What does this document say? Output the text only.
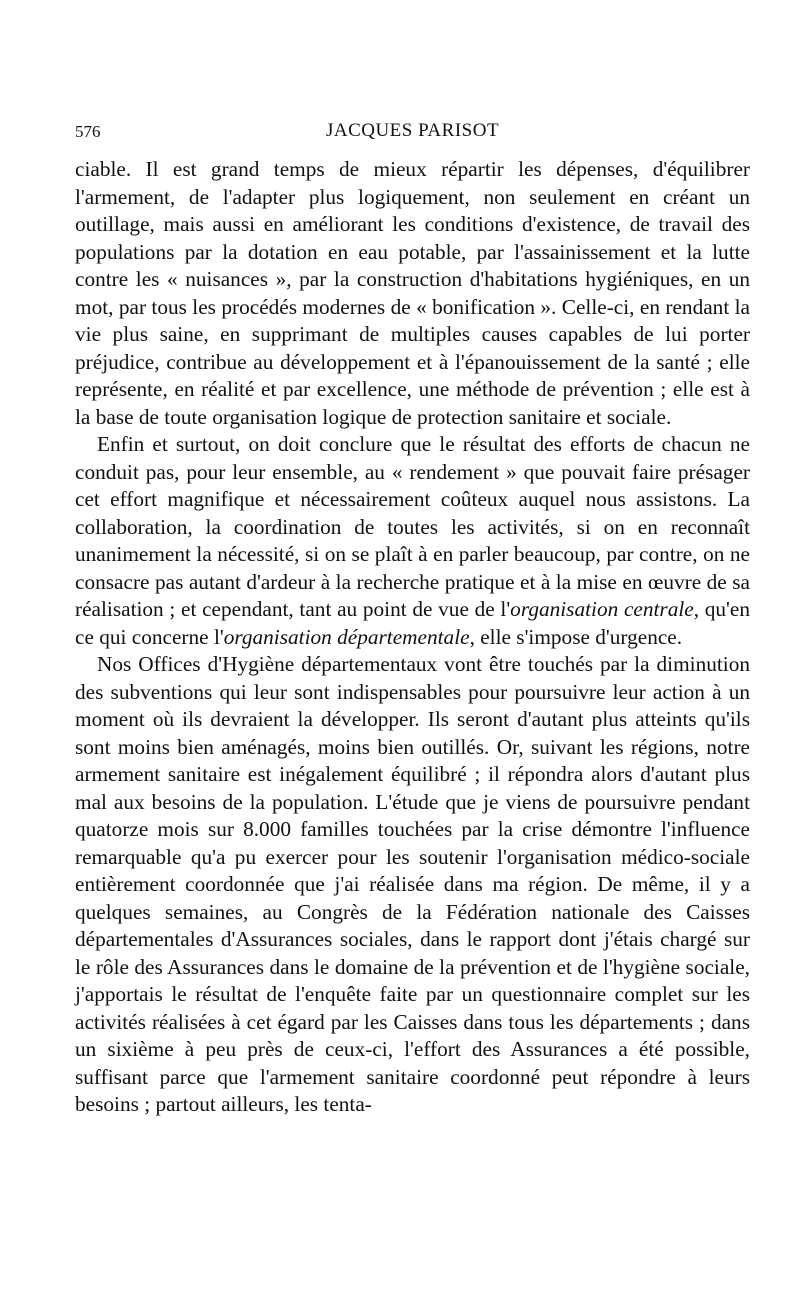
576	JACQUES PARISOT

ciable. Il est grand temps de mieux répartir les dépenses, d'équilibrer l'armement, de l'adapter plus logiquement, non seulement en créant un outillage, mais aussi en améliorant les conditions d'existence, de travail des populations par la dotation en eau potable, par l'assainissement et la lutte contre les « nuisances », par la construction d'habitations hygiéniques, en un mot, par tous les procédés modernes de « bonification ». Celle-ci, en rendant la vie plus saine, en supprimant de multiples causes capables de lui porter préjudice, contribue au développement et à l'épanouissement de la santé ; elle représente, en réalité et par excellence, une méthode de prévention ; elle est à la base de toute organisation logique de protection sanitaire et sociale.

Enfin et surtout, on doit conclure que le résultat des efforts de chacun ne conduit pas, pour leur ensemble, au « rendement » que pouvait faire présager cet effort magnifique et nécessairement coûteux auquel nous assistons. La collaboration, la coordination de toutes les activités, si on en reconnaît unanimement la nécessité, si on se plaît à en parler beaucoup, par contre, on ne consacre pas autant d'ardeur à la recherche pratique et à la mise en œuvre de sa réalisation ; et cependant, tant au point de vue de l'organisation centrale, qu'en ce qui concerne l'organisation départementale, elle s'impose d'urgence.

Nos Offices d'Hygiène départementaux vont être touchés par la diminution des subventions qui leur sont indispensables pour poursuivre leur action à un moment où ils devraient la développer. Ils seront d'autant plus atteints qu'ils sont moins bien aménagés, moins bien outillés. Or, suivant les régions, notre armement sanitaire est inégalement équilibré ; il répondra alors d'autant plus mal aux besoins de la population. L'étude que je viens de poursuivre pendant quatorze mois sur 8.000 familles touchées par la crise démontre l'influence remarquable qu'a pu exercer pour les soutenir l'organisation médico-sociale entièrement coordonnée que j'ai réalisée dans ma région. De même, il y a quelques semaines, au Congrès de la Fédération nationale des Caisses départementales d'Assurances sociales, dans le rapport dont j'étais chargé sur le rôle des Assurances dans le domaine de la prévention et de l'hygiène sociale, j'apportais le résultat de l'enquête faite par un questionnaire complet sur les activités réalisées à cet égard par les Caisses dans tous les départements ; dans un sixième à peu près de ceux-ci, l'effort des Assurances a été possible, suffisant parce que l'armement sanitaire coordonné peut répondre à leurs besoins ; partout ailleurs, les tenta-
